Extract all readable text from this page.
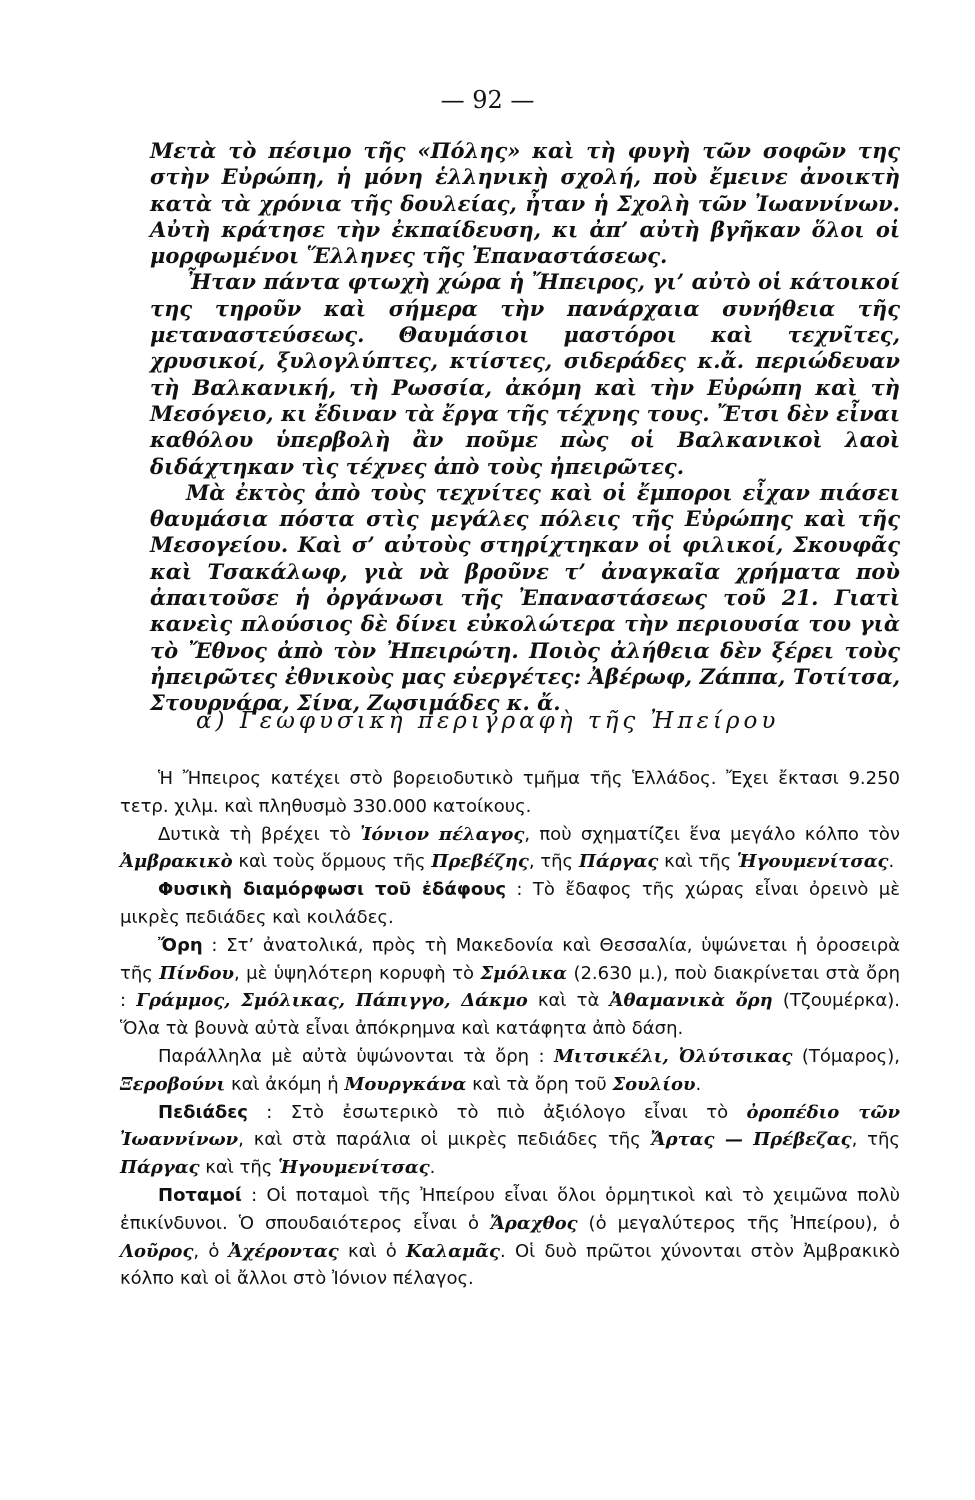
— 92 —

Μετὰ τὸ πέσιμο τῆς «Πόλης» καὶ τὴ φυγὴ τῶν σοφῶν της στὴν Εὐρώπη, ἡ μόνη ἑλληνικὴ σχολή, ποὺ ἔμεινε ἀνοικτὴ κατὰ τὰ χρόνια τῆς δουλείας, ἦταν ἡ Σχολὴ τῶν Ἰωαννίνων. Αὐτὴ κράτησε τὴν ἐκπαίδευση, κι ἀπ’ αὐτὴ βγῆκαν ὅλοι οἱ μορφωμένοι Ἕλληνες τῆς Ἐπαναστάσεως.

Ἦταν πάντα φτωχὴ χώρα ἡ Ἤπειρος, γι’ αὐτὸ οἱ κάτοικοί της τηροῦν καὶ σήμερα τὴν πανάρχαια συνήθεια τῆς μεταναστεύσεως. Θαυμάσιοι μαστόροι καὶ τεχνῖτες, χρυσικοί, ξυλογλύπτες, κτίστες, σιδεράδες κ.ἄ. περιώδευαν τὴ Βαλκανική, τὴ Ρωσσία, ἀκόμη καὶ τὴν Εὐρώπη καὶ τὴ Μεσόγειο, κι ἔδιναν τὰ ἔργα τῆς τέχνης τους. Ἔτσι δὲν εἶναι καθόλου ὑπερβολὴ ἂν ποῦμε πὼς οἱ Βαλκανικοὶ λαοὶ διδάχτηκαν τὶς τέχνες ἀπὸ τοὺς ἠπειρῶτες.

Μὰ ἐκτὸς ἀπὸ τοὺς τεχνίτες καὶ οἱ ἔμποροι εἶχαν πιάσει θαυμάσια πόστα στὶς μεγάλες πόλεις τῆς Εὐρώπης καὶ τῆς Μεσογείου. Καὶ σ’ αὐτοὺς στηρίχτηκαν οἱ φιλικοί, Σκουφᾶς καὶ Τσακάλωφ, γιὰ νὰ βροῦνε τ’ ἀναγκαῖα χρήματα ποὺ ἀπαιτοῦσε ἡ ὀργάνωσι τῆς Ἐπαναστάσεως τοῦ 21. Γιατὶ κανεὶς πλούσιος δὲ δίνει εὐκολώτερα τὴν περιουσία του γιὰ τὸ Ἔθνος ἀπὸ τὸν Ἠπειρώτη. Ποιὸς ἀλήθεια δὲν ξέρει τοὺς ἠπειρῶτες ἐθνικοὺς μας εὐεργέτες: Ἀβέρωφ, Ζάππα, Τοτίτσα, Στουρνάρα, Σίνα, Ζωσιμάδες κ. ἄ.

α) Γεωφυσικὴ περιγραφὴ τῆς Ἠπείρου

Ἡ Ἤπειρος κατέχει στὸ βορειοδυτικὸ τμῆμα τῆς Ἑλλάδος. Ἔχει ἔκτασι 9.250 τετρ. χιλμ. καὶ πληθυσμὸ 330.000 κατοίκους.

Δυτικὰ τὴ βρέχει τὸ Ἰόνιον πέλαγος, ποὺ σχηματίζει ἕνα μεγάλο κόλπο τὸν Ἀμβρακικὸ καὶ τοὺς ὅρμους τῆς Πρεβέζης, τῆς Πάργας καὶ τῆς Ἡγουμενίτσας.

Φυσικὴ διαμόρφωσι τοῦ ἐδάφους : Τὸ ἔδαφος τῆς χώρας εἶναι ὀρεινὸ μὲ μικρὲς πεδιάδες καὶ κοιλάδες.

Ὄρη : Στ’ ἀνατολικά, πρὸς τὴ Μακεδονία καὶ Θεσσαλία, ὑψώνεται ἡ ὀροσειρὰ τῆς Πίνδου, μὲ ὑψηλότερη κορυφὴ τὸ Σμόλικα (2.630 μ.), ποὺ διακρίνεται στὰ ὄρη : Γράμμος, Σμόλικας, Πάπιγγο, Δάκμο καὶ τὰ Ἀθαμανικὰ ὄρη (Τζουμέρκα). Ὅλα τὰ βουνὰ αὐτὰ εἶναι ἀπόκρημνα καὶ κατάφητα ἀπὸ δάση.

Παράλληλα μὲ αὐτὰ ὑψώνονται τὰ ὄρη : Μιτσικέλι, Ὀλύτσικας (Τόμαρος), Ξεροβούνι καὶ ἀκόμη ἡ Μουργκάνα καὶ τὰ ὄρη τοῦ Σουλίου.

Πεδιάδες : Στὸ ἐσωτερικὸ τὸ πιὸ ἀξιόλογο εἶναι τὸ ὀροπέδιο τῶν Ἰωαννίνων, καὶ στὰ παράλια οἱ μικρὲς πεδιάδες τῆς Ἄρτας — Πρέβεζας, τῆς Πάργας καὶ τῆς Ἡγουμενίτσας.

Ποταμοί : Οἱ ποταμοὶ τῆς Ἠπείρου εἶναι ὅλοι ὁρμητικοὶ καὶ τὸ χειμῶνα πολὺ ἐπικίνδυνοι. Ὁ σπουδαιότερος εἶναι ὁ Ἄραχθος (ὁ μεγαλύτερος τῆς Ἠπείρου), ὁ Λοῦρος, ὁ Ἀχέροντας καὶ ὁ Καλαμᾶς. Οἱ δυὸ πρῶτοι χύνονται στὸν Ἀμβρακικὸ κόλπο καὶ οἱ ἄλλοι στὸ Ἰόνιον πέλαγος.
